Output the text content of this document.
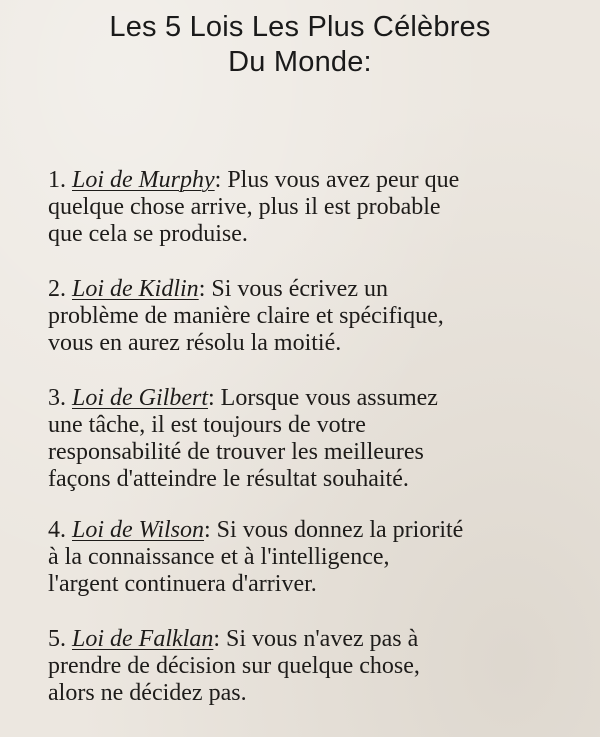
Les 5 Lois Les Plus Célèbres
Du Monde:
1. Loi de Murphy: Plus vous avez peur que
quelque chose arrive, plus il est probable
que cela se produise.
2. Loi de Kidlin: Si vous écrivez un
problème de manière claire et spécifique,
vous en aurez résolu la moitié.
3. Loi de Gilbert: Lorsque vous assumez
une tâche, il est toujours de votre
responsabilité de trouver les meilleures
façons d'atteindre le résultat souhaité.
4. Loi de Wilson: Si vous donnez la priorité
à la connaissance et à l'intelligence,
l'argent continuera d'arriver.
5. Loi de Falklan: Si vous n'avez pas à
prendre de décision sur quelque chose,
alors ne décidez pas.
